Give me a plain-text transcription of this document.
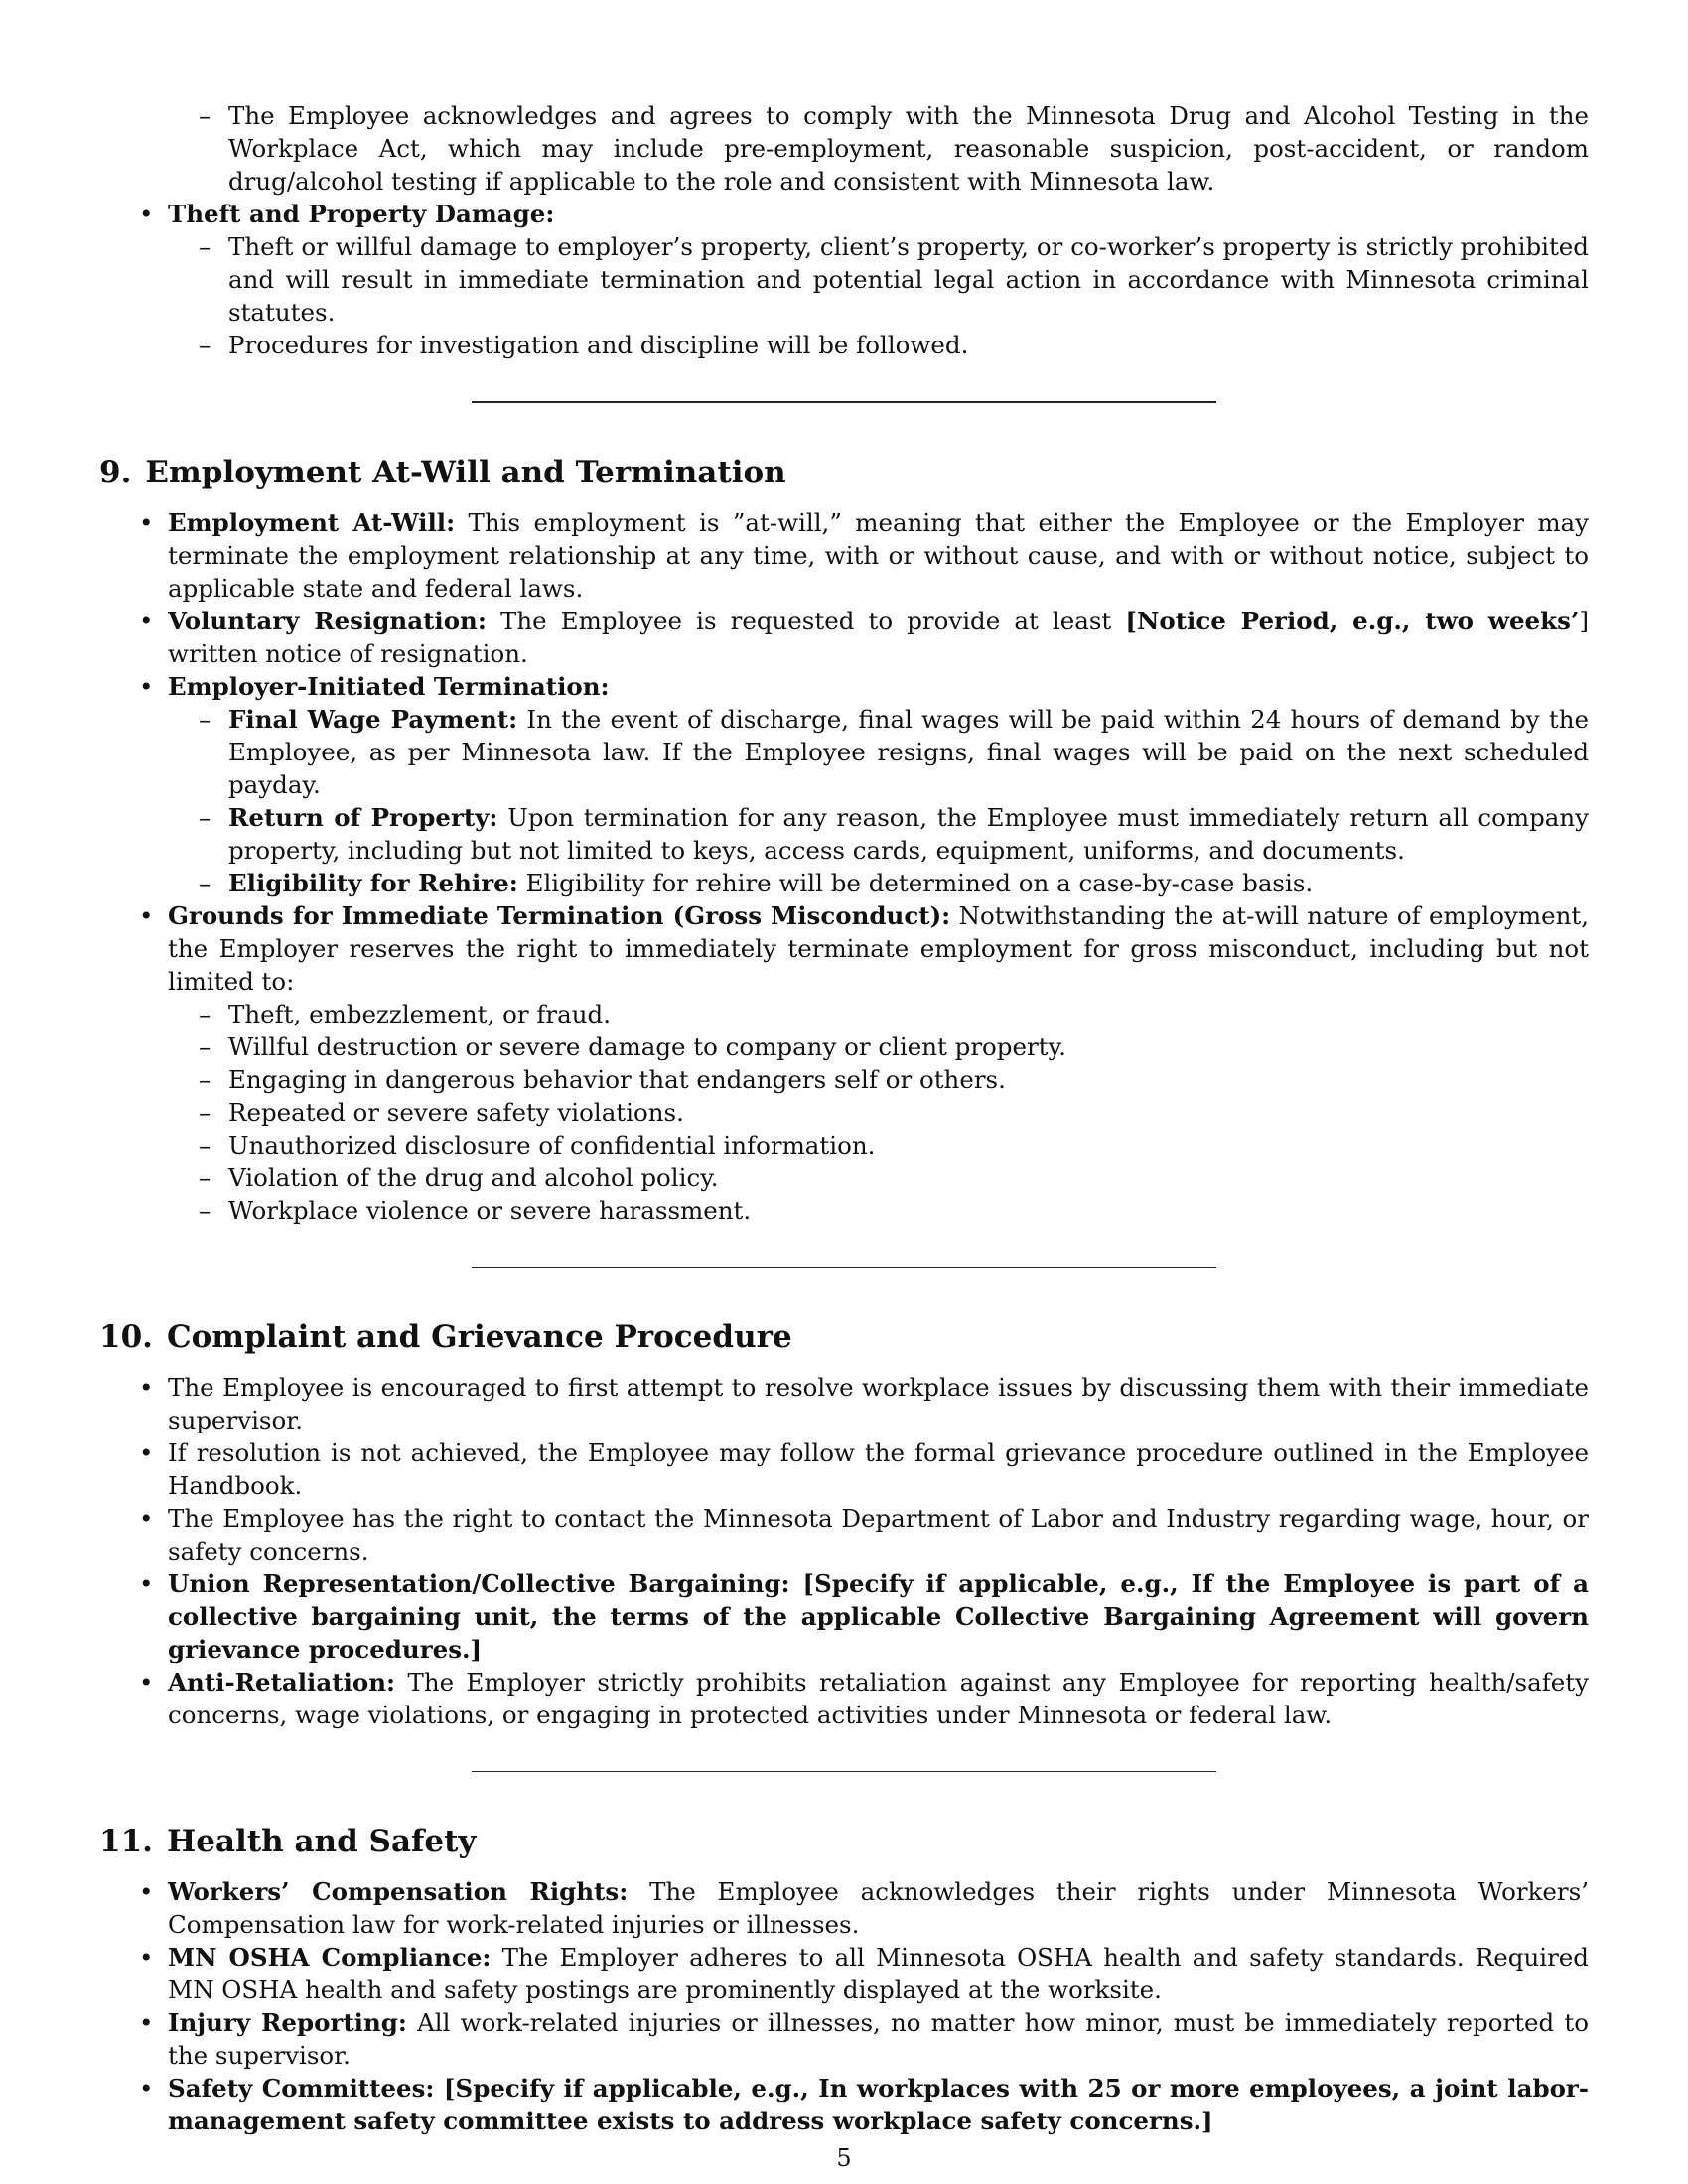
– The Employee acknowledges and agrees to comply with the Minnesota Drug and Alcohol Testing in the Workplace Act, which may include pre-employment, reasonable suspicion, post-accident, or random drug/alcohol testing if applicable to the role and consistent with Minnesota law.
• Theft and Property Damage:
– Theft or willful damage to employer’s property, client’s property, or co-worker’s property is strictly prohibited and will result in immediate termination and potential legal action in accordance with Minnesota criminal statutes.
– Procedures for investigation and discipline will be followed.
9. Employment At-Will and Termination
• Employment At-Will: This employment is ”at-will,” meaning that either the Employee or the Employer may terminate the employment relationship at any time, with or without cause, and with or without notice, subject to applicable state and federal laws.
• Voluntary Resignation: The Employee is requested to provide at least [Notice Period, e.g., two weeks’] written notice of resignation.
• Employer-Initiated Termination:
– Final Wage Payment: In the event of discharge, final wages will be paid within 24 hours of demand by the Employee, as per Minnesota law. If the Employee resigns, final wages will be paid on the next scheduled payday.
– Return of Property: Upon termination for any reason, the Employee must immediately return all company property, including but not limited to keys, access cards, equipment, uniforms, and documents.
– Eligibility for Rehire: Eligibility for rehire will be determined on a case-by-case basis.
• Grounds for Immediate Termination (Gross Misconduct): Notwithstanding the at-will nature of employment, the Employer reserves the right to immediately terminate employment for gross misconduct, including but not limited to:
– Theft, embezzlement, or fraud.
– Willful destruction or severe damage to company or client property.
– Engaging in dangerous behavior that endangers self or others.
– Repeated or severe safety violations.
– Unauthorized disclosure of confidential information.
– Violation of the drug and alcohol policy.
– Workplace violence or severe harassment.
10. Complaint and Grievance Procedure
• The Employee is encouraged to first attempt to resolve workplace issues by discussing them with their immediate supervisor.
• If resolution is not achieved, the Employee may follow the formal grievance procedure outlined in the Employee Handbook.
• The Employee has the right to contact the Minnesota Department of Labor and Industry regarding wage, hour, or safety concerns.
• Union Representation/Collective Bargaining: [Specify if applicable, e.g., If the Employee is part of a collective bargaining unit, the terms of the applicable Collective Bargaining Agreement will govern grievance procedures.]
• Anti-Retaliation: The Employer strictly prohibits retaliation against any Employee for reporting health/safety concerns, wage violations, or engaging in protected activities under Minnesota or federal law.
11. Health and Safety
• Workers’ Compensation Rights: The Employee acknowledges their rights under Minnesota Workers’ Compensation law for work-related injuries or illnesses.
• MN OSHA Compliance: The Employer adheres to all Minnesota OSHA health and safety standards. Required MN OSHA health and safety postings are prominently displayed at the worksite.
• Injury Reporting: All work-related injuries or illnesses, no matter how minor, must be immediately reported to the supervisor.
• Safety Committees: [Specify if applicable, e.g., In workplaces with 25 or more employees, a joint labor-management safety committee exists to address workplace safety concerns.]
5
